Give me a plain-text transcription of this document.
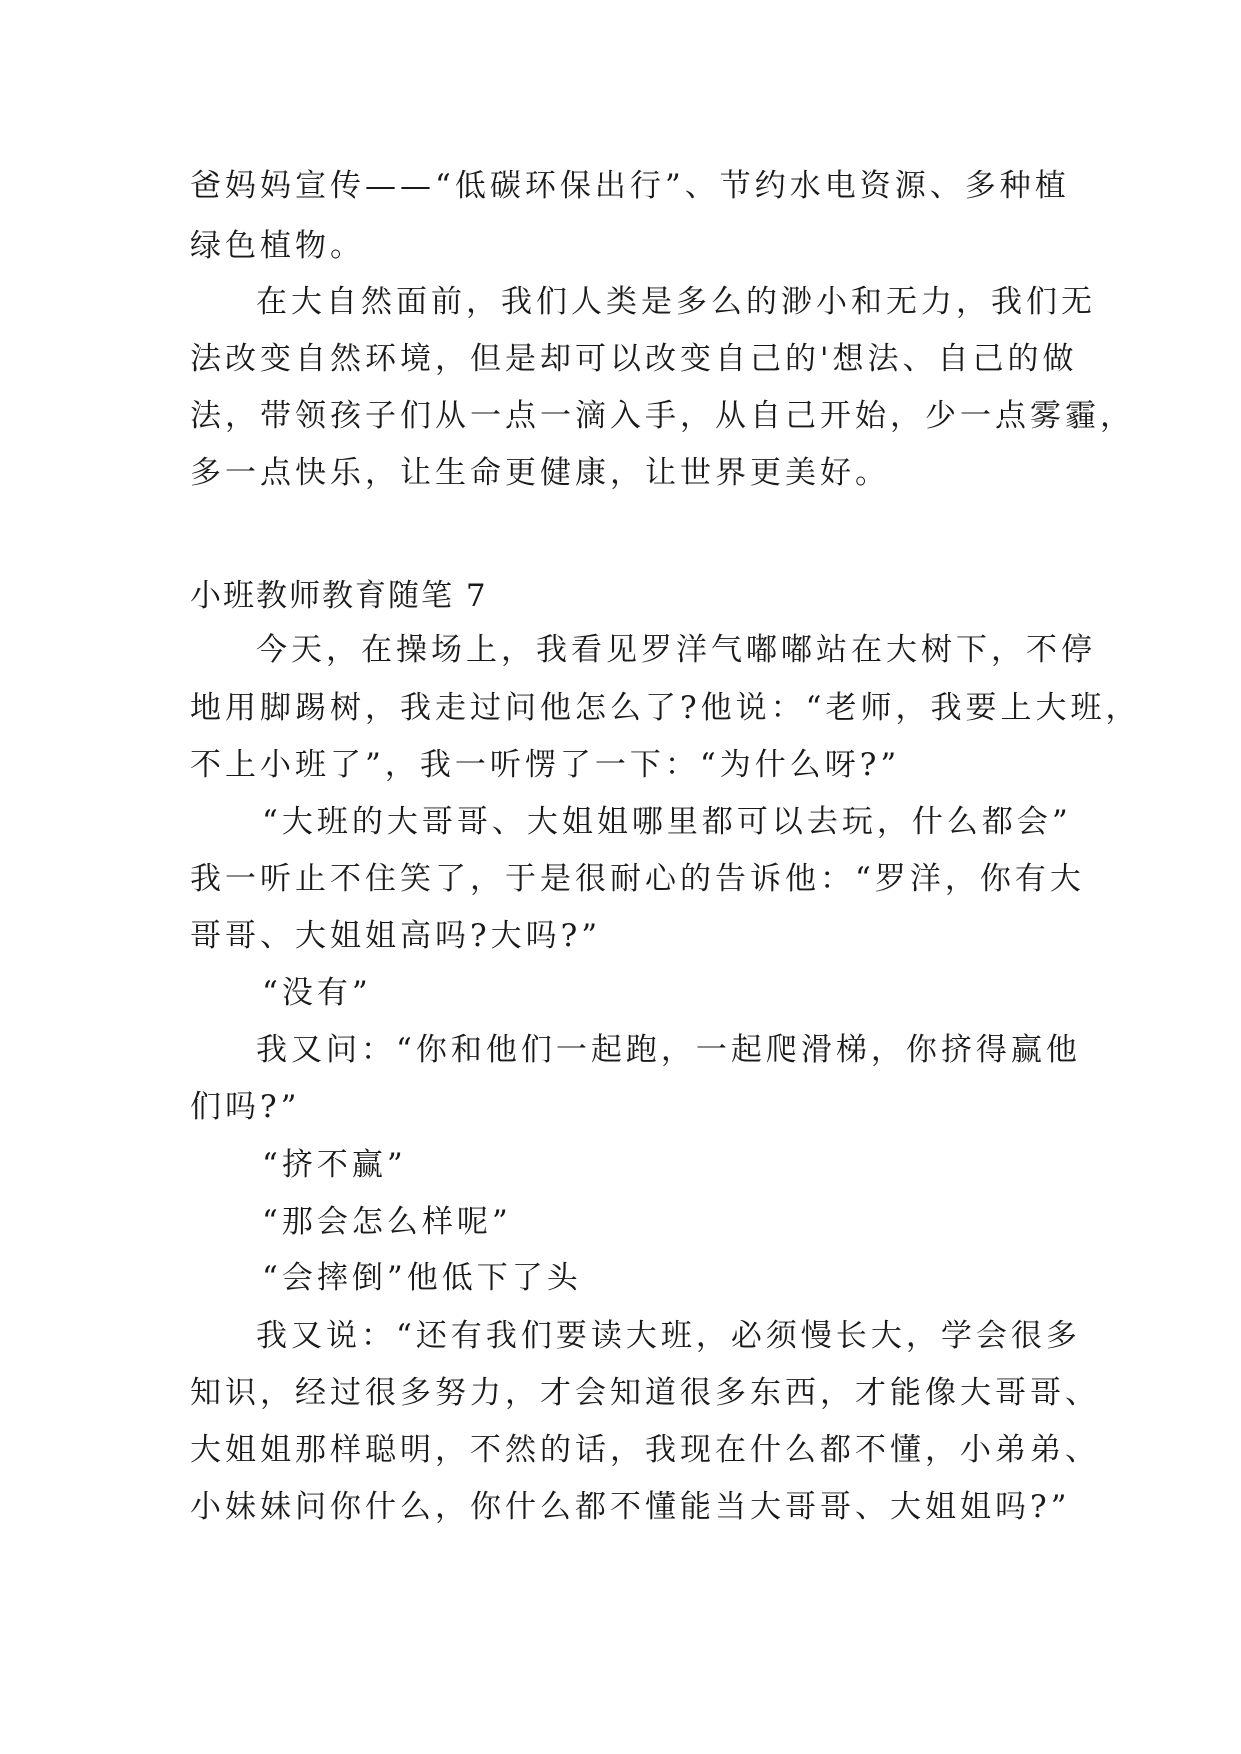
爸妈妈宣传——“低碳环保出行”、节约水电资源、多种植

绿色植物。

在大自然面前，我们人类是多么的渺小和无力，我们无

法改变自然环境，但是却可以改变自己的'想法、自己的做

法，带领孩子们从一点一滴入手，从自己开始，少一点雾霾，

多一点快乐，让生命更健康，让世界更美好。

小班教师教育随笔 7

今天，在操场上，我看见罗洋气嘟嘟站在大树下，不停

地用脚踢树，我走过问他怎么了?他说：“老师，我要上大班，

不上小班了”，我一听愣了一下：“为什么呀?”

“大班的大哥哥、大姐姐哪里都可以去玩，什么都会”

我一听止不住笑了，于是很耐心的告诉他：“罗洋，你有大

哥哥、大姐姐高吗?大吗?”

“没有”

我又问：“你和他们一起跑，一起爬滑梯，你挤得赢他

们吗?”

“挤不赢”

“那会怎么样呢”

“会摔倒”他低下了头

我又说：“还有我们要读大班，必须慢长大，学会很多

知识，经过很多努力，才会知道很多东西，才能像大哥哥、

大姐姐那样聪明，不然的话，我现在什么都不懂，小弟弟、

小妹妹问你什么，你什么都不懂能当大哥哥、大姐姐吗?”
